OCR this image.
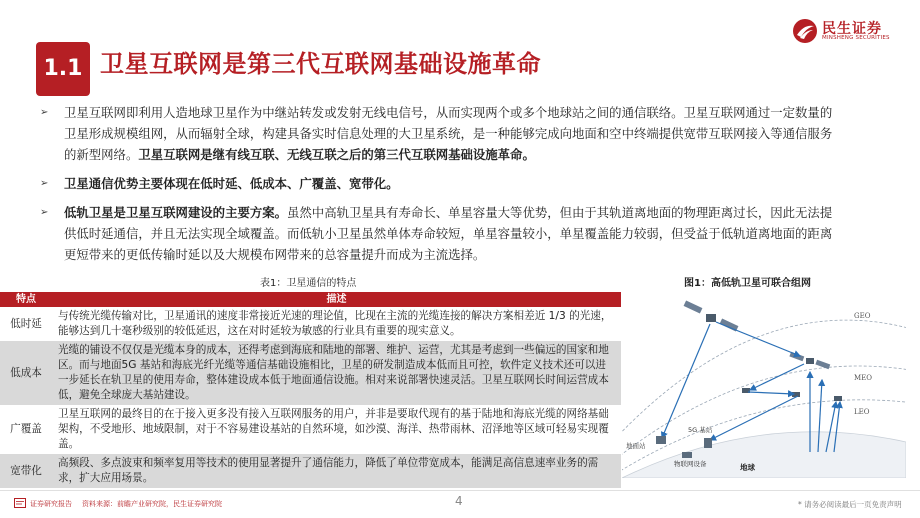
民生证券
MINSHENG SECURITIES
1.1 卫星互联网是第三代互联网基础设施革命
➢ 卫星互联网即利用人造地球卫星作为中继站转发或发射无线电信号，从而实现两个或多个地球站之间的通信联络。卫星互联网通过一定数量的卫星形成规模组网，从而辐射全球，构建具备实时信息处理的大卫星系统，是一种能够完成向地面和空中终端提供宽带互联网接入等通信服务的新型网络。卫星互联网是继有线互联、无线互联之后的第三代互联网基础设施革命。
➢ 卫星通信优势主要体现在低时延、低成本、广覆盖、宽带化。
➢ 低轨卫星是卫星互联网建设的主要方案。虽然中高轨卫星具有寿命长、单星容量大等优势，但由于其轨道离地面的物理距离过长，因此无法提供低时延通信，并且无法实现全域覆盖。而低轨小卫星虽然单体寿命较短，单星容量较小，单星覆盖能力较弱，但受益于低轨道离地面的距离更短带来的更低传输时延以及大规模布网带来的总容量提升而成为主流选择。
表1：卫星通信的特点	图1：高低轨卫星可联合组网
特点	描述
低时延	与传统光缆传输对比，卫星通讯的速度非常接近光速的理论值，比现在主流的光缆连接的解决方案相差近 1/3 的光速，能够达到几十毫秒级别的较低延迟，这在对时延较为敏感的行业具有重要的现实意义。
低成本	光缆的铺设不仅仅是光缆本身的成本，还得考虑到海底和陆地的部署、维护、运营，尤其是考虑到一些偏远的国家和地区。而与地面5G 基站和海底光纤光缆等通信基础设施相比，卫星的研发制造成本低而且可控，软件定义技术还可以进一步延长在轨卫星的使用寿命，整体建设成本低于地面通信设施。相对来说部署快速灵活。卫星互联网长时间运营成本低，避免全球庞大基站建设。
广覆盖	卫星互联网的最终目的在于接入更多没有接入互联网服务的用户，并非是要取代现有的基于陆地和海底光缆的网络基础架构，不受地形、地域限制，对于不容易建设基站的自然环境，如沙漠、海洋、热带雨林、沼泽地等区域可轻易实现覆盖。
宽带化	高频段、多点波束和频率复用等技术的使用显著提升了通信能力，降低了单位带宽成本，能满足高信息速率业务的需求，扩大应用场景。
GEO
MEO
LEO
地面站
5G 基站
物联网设备	地球
证券研究报告 资料来源：前瞻产业研究院，民生证券研究院	4	* 请务必阅读最后一页免责声明
